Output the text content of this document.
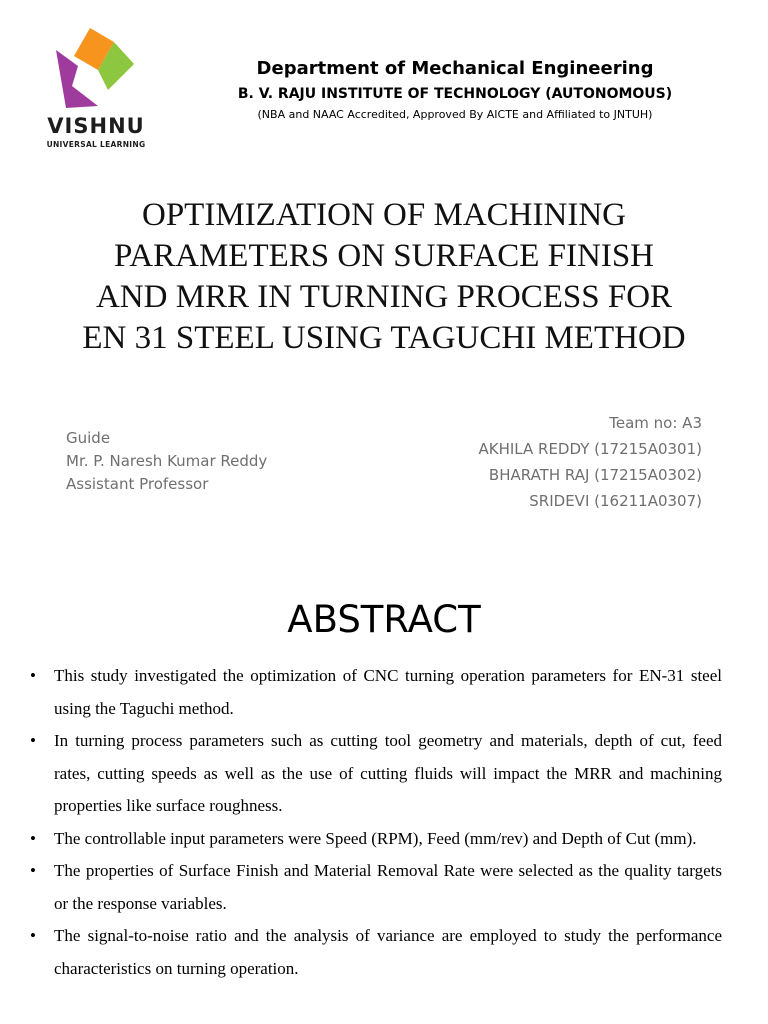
VISHNU
UNIVERSAL LEARNING
Department of Mechanical Engineering
B. V. RAJU INSTITUTE OF TECHNOLOGY (AUTONOMOUS)
(NBA and NAAC Accredited, Approved By AICTE and Affiliated to JNTUH)
OPTIMIZATION OF MACHINING
PARAMETERS ON SURFACE FINISH
AND MRR IN TURNING PROCESS FOR
EN 31 STEEL USING TAGUCHI METHOD
Guide
Mr. P. Naresh Kumar Reddy
Assistant Professor
Team no: A3
AKHILA REDDY (17215A0301)
BHARATH RAJ (17215A0302)
SRIDEVI (16211A0307)
ABSTRACT
• This study investigated the optimization of CNC turning operation parameters for EN-31 steel using the Taguchi method.
• In turning process parameters such as cutting tool geometry and materials, depth of cut, feed rates, cutting speeds as well as the use of cutting fluids will impact the MRR and machining properties like surface roughness.
• The controllable input parameters were Speed (RPM), Feed (mm/rev) and Depth of Cut (mm).
• The properties of Surface Finish and Material Removal Rate were selected as the quality targets or the response variables.
• The signal-to-noise ratio and the analysis of variance are employed to study the performance characteristics on turning operation.
